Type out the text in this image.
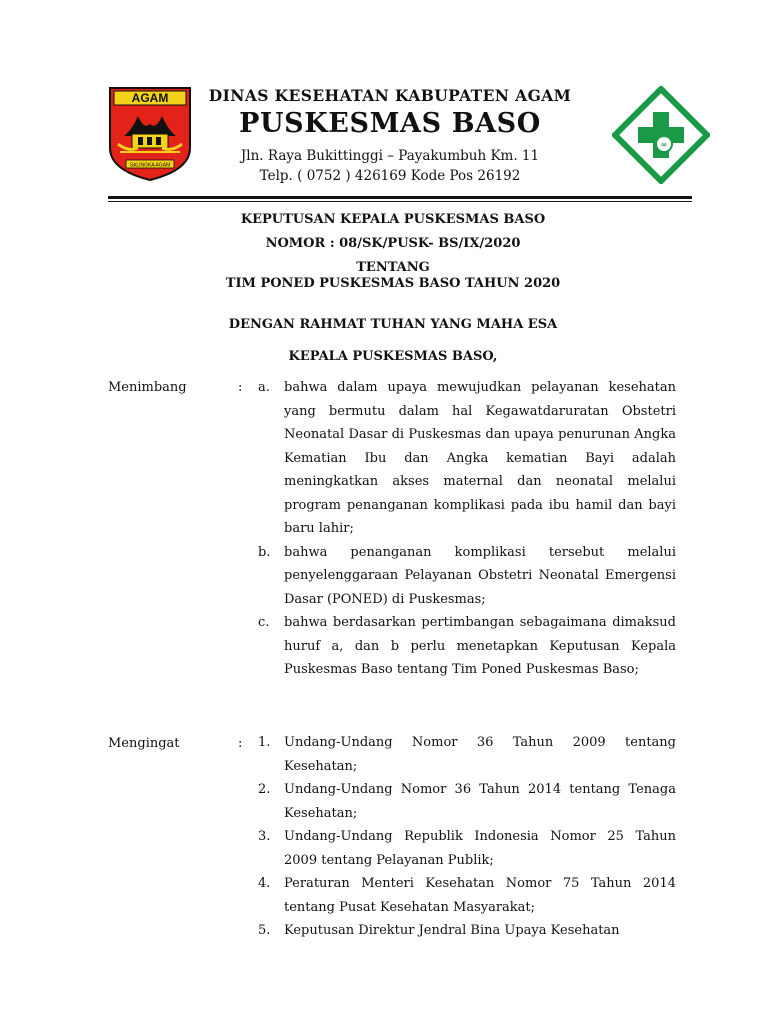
AGAM
SALINGKA AGAM
DINAS KESEHATAN KABUPATEN AGAM
PUSKESMAS BASO
Jln. Raya Bukittinggi – Payakumbuh Km. 11
Telp. ( 0752 ) 426169 Kode Pos 26192
∞
KEPUTUSAN KEPALA PUSKESMAS BASO
NOMOR : 08/SK/PUSK- BS/IX/2020
TENTANG
TIM PONED PUSKESMAS BASO TAHUN 2020
DENGAN RAHMAT TUHAN YANG MAHA ESA
KEPALA PUSKESMAS BASO,
Menimbang	: a. bahwa dalam upaya mewujudkan pelayanan kesehatan yang bermutu dalam hal Kegawatdaruratan Obstetri Neonatal Dasar di Puskesmas dan upaya penurunan Angka Kematian Ibu dan Angka kematian Bayi adalah meningkatkan akses maternal dan neonatal melalui program penanganan komplikasi pada ibu hamil dan bayi baru lahir;
b. bahwa penanganan komplikasi tersebut melalui penyelenggaraan Pelayanan Obstetri Neonatal Emergensi Dasar (PONED) di Puskesmas;
c. bahwa berdasarkan pertimbangan sebagaimana dimaksud huruf a, dan b perlu menetapkan Keputusan Kepala Puskesmas Baso tentang Tim Poned Puskesmas Baso;
Mengingat	: 1. Undang-Undang Nomor 36 Tahun 2009 tentang Kesehatan;
2. Undang-Undang Nomor 36 Tahun 2014 tentang Tenaga Kesehatan;
3. Undang-Undang Republik Indonesia Nomor 25 Tahun 2009 tentang Pelayanan Publik;
4. Peraturan Menteri Kesehatan Nomor 75 Tahun 2014 tentang Pusat Kesehatan Masyarakat;
5. Keputusan Direktur Jendral Bina Upaya Kesehatan
